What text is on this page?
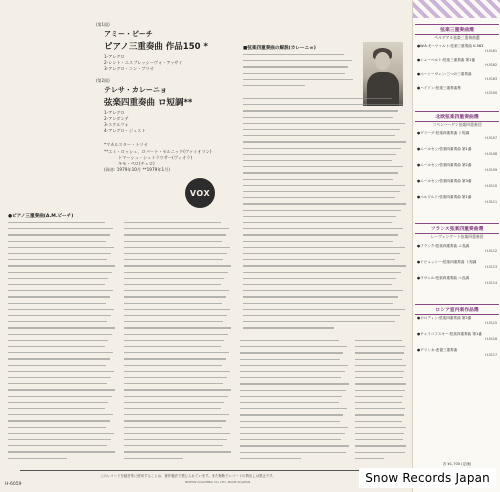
(第1面)
アミー・ビーチ
ピアノ三重奏曲 作品150 *
1-アレグロ
2-レント・エスプレッシーヴォ・アッサイ
3-アレグロ・コン・ブリオ
(第2面)
テレサ・カレーニョ
弦楽四重奏曲 ロ短調**
1-アレグロ
2-アンダンテ
3-スケルツォ
4-アレグロ・ジュスト
*マカルスター・トリオ
**エミ・ロッシュ、ロバート・セルニック(ヴァイオリン)
トマーシュ・シュトラウサー(ヴィオラ)
キモ・ペロ(チェロ)
(録音: 1979年10月 **1979年1月)
VOX
■弦楽四重奏曲の解説(カレーニョ)
●ピアノ三重奏曲(A.M.ビーチ)
このレコードを録音等に使用することは、著作権法で禁じられています。また無断でレコードの貸出しは禁止です。
NIPPON COLUMBIA CO. LTD. MADE IN JAPAN
H-6059
弦楽三重奏曲選
ペルデアル弦楽三重奏曲選
●W.A.モーツァルト:弦楽三重奏曲 K.563
H-5161
●シューベルト:弦楽三重奏曲 第1番
H-5162
●ベートーヴェン:三つの三重奏曲
H-5163
●ハイドン:弦楽三重奏曲集
H-5100
北欧弦楽四重奏曲選
コペンハーゲン弦楽四重奏団
●グリーグ:弦楽四重奏曲 ト短調
H-5107
●ニールセン:弦楽四重奏曲 第1番
H-5108
●ニールセン:弦楽四重奏曲 第2番
H-5109
●ニールセン:弦楽四重奏曲 第3番
H-5110
●ベルワルド:弦楽四重奏曲 第1番
H-5111
フランス弦楽四重奏曲選
レーヴェングート弦楽四重奏団
●フランク:弦楽四重奏曲 ニ長調
H-5112
●ドビュッシー:弦楽四重奏曲 ト短調
H-5113
●ラヴェル:弦楽四重奏曲 ヘ長調
H-5114
ロシア室内楽作品選
●ボロディン:弦楽四重奏曲 第2番
H-5115
●チャイコフスキー:弦楽四重奏曲 第1番
H-5116
●グリンカ:悲愴三重奏曲
H-5117
各 ¥1,700 (定価)
Snow Records Japan
